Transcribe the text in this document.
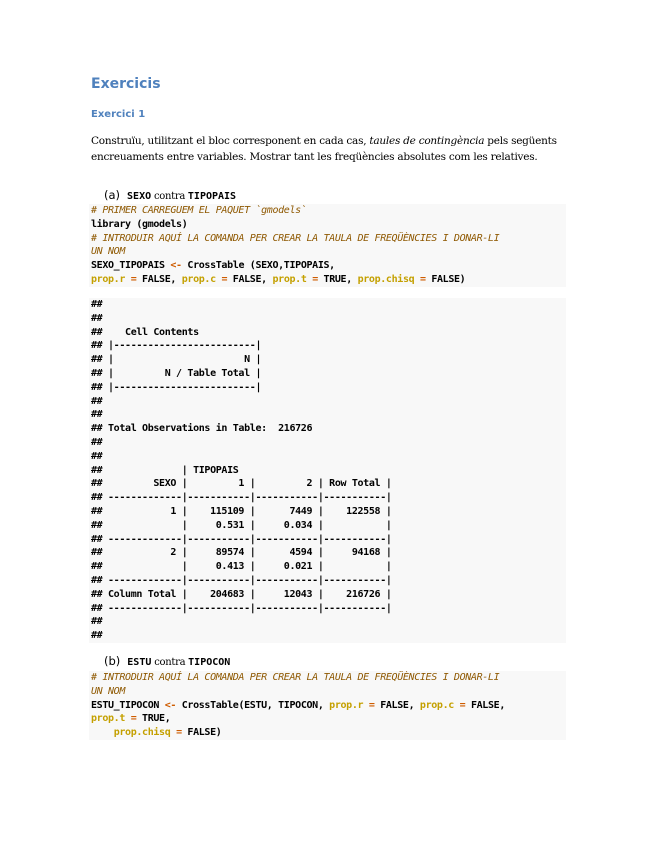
Exercicis
Exercici 1
Construïu, utilitzant el bloc corresponent en cada cas, taules de contingència pels següents encreuaments entre variables. Mostrar tant les freqüències absolutes com les relatives.
(a) SEXO contra TIPOPAIS
# PRIMER CARREGUEM EL PAQUET `gmodels`
library (gmodels)
# INTRODUIR AQUÍ LA COMANDA PER CREAR LA TAULA DE FREQÜÈNCIES I DONAR-LI
UN NOM
SEXO_TIPOPAIS <- CrossTable (SEXO,TIPOPAIS,
prop.r = FALSE, prop.c = FALSE, prop.t = TRUE, prop.chisq = FALSE)
##
##
##    Cell Contents
## |-------------------------|
## |                       N |
## |         N / Table Total |
## |-------------------------|
##
##
## Total Observations in Table:  216726
##
##
##              | TIPOPAIS
##         SEXO |         1 |         2 | Row Total |
## -------------|-----------|-----------|-----------|
##            1 |    115109 |      7449 |    122558 |
##              |     0.531 |     0.034 |           |
## -------------|-----------|-----------|-----------|
##            2 |     89574 |      4594 |     94168 |
##              |     0.413 |     0.021 |           |
## -------------|-----------|-----------|-----------|
## Column Total |    204683 |     12043 |    216726 |
## -------------|-----------|-----------|-----------|
##
##
(b) ESTU contra TIPOCON
# INTRODUIR AQUÍ LA COMANDA PER CREAR LA TAULA DE FREQÜÈNCIES I DONAR-LI
UN NOM
ESTU_TIPOCON <- CrossTable(ESTU, TIPOCON, prop.r = FALSE, prop.c = FALSE,
prop.t = TRUE,
prop.chisq = FALSE)
